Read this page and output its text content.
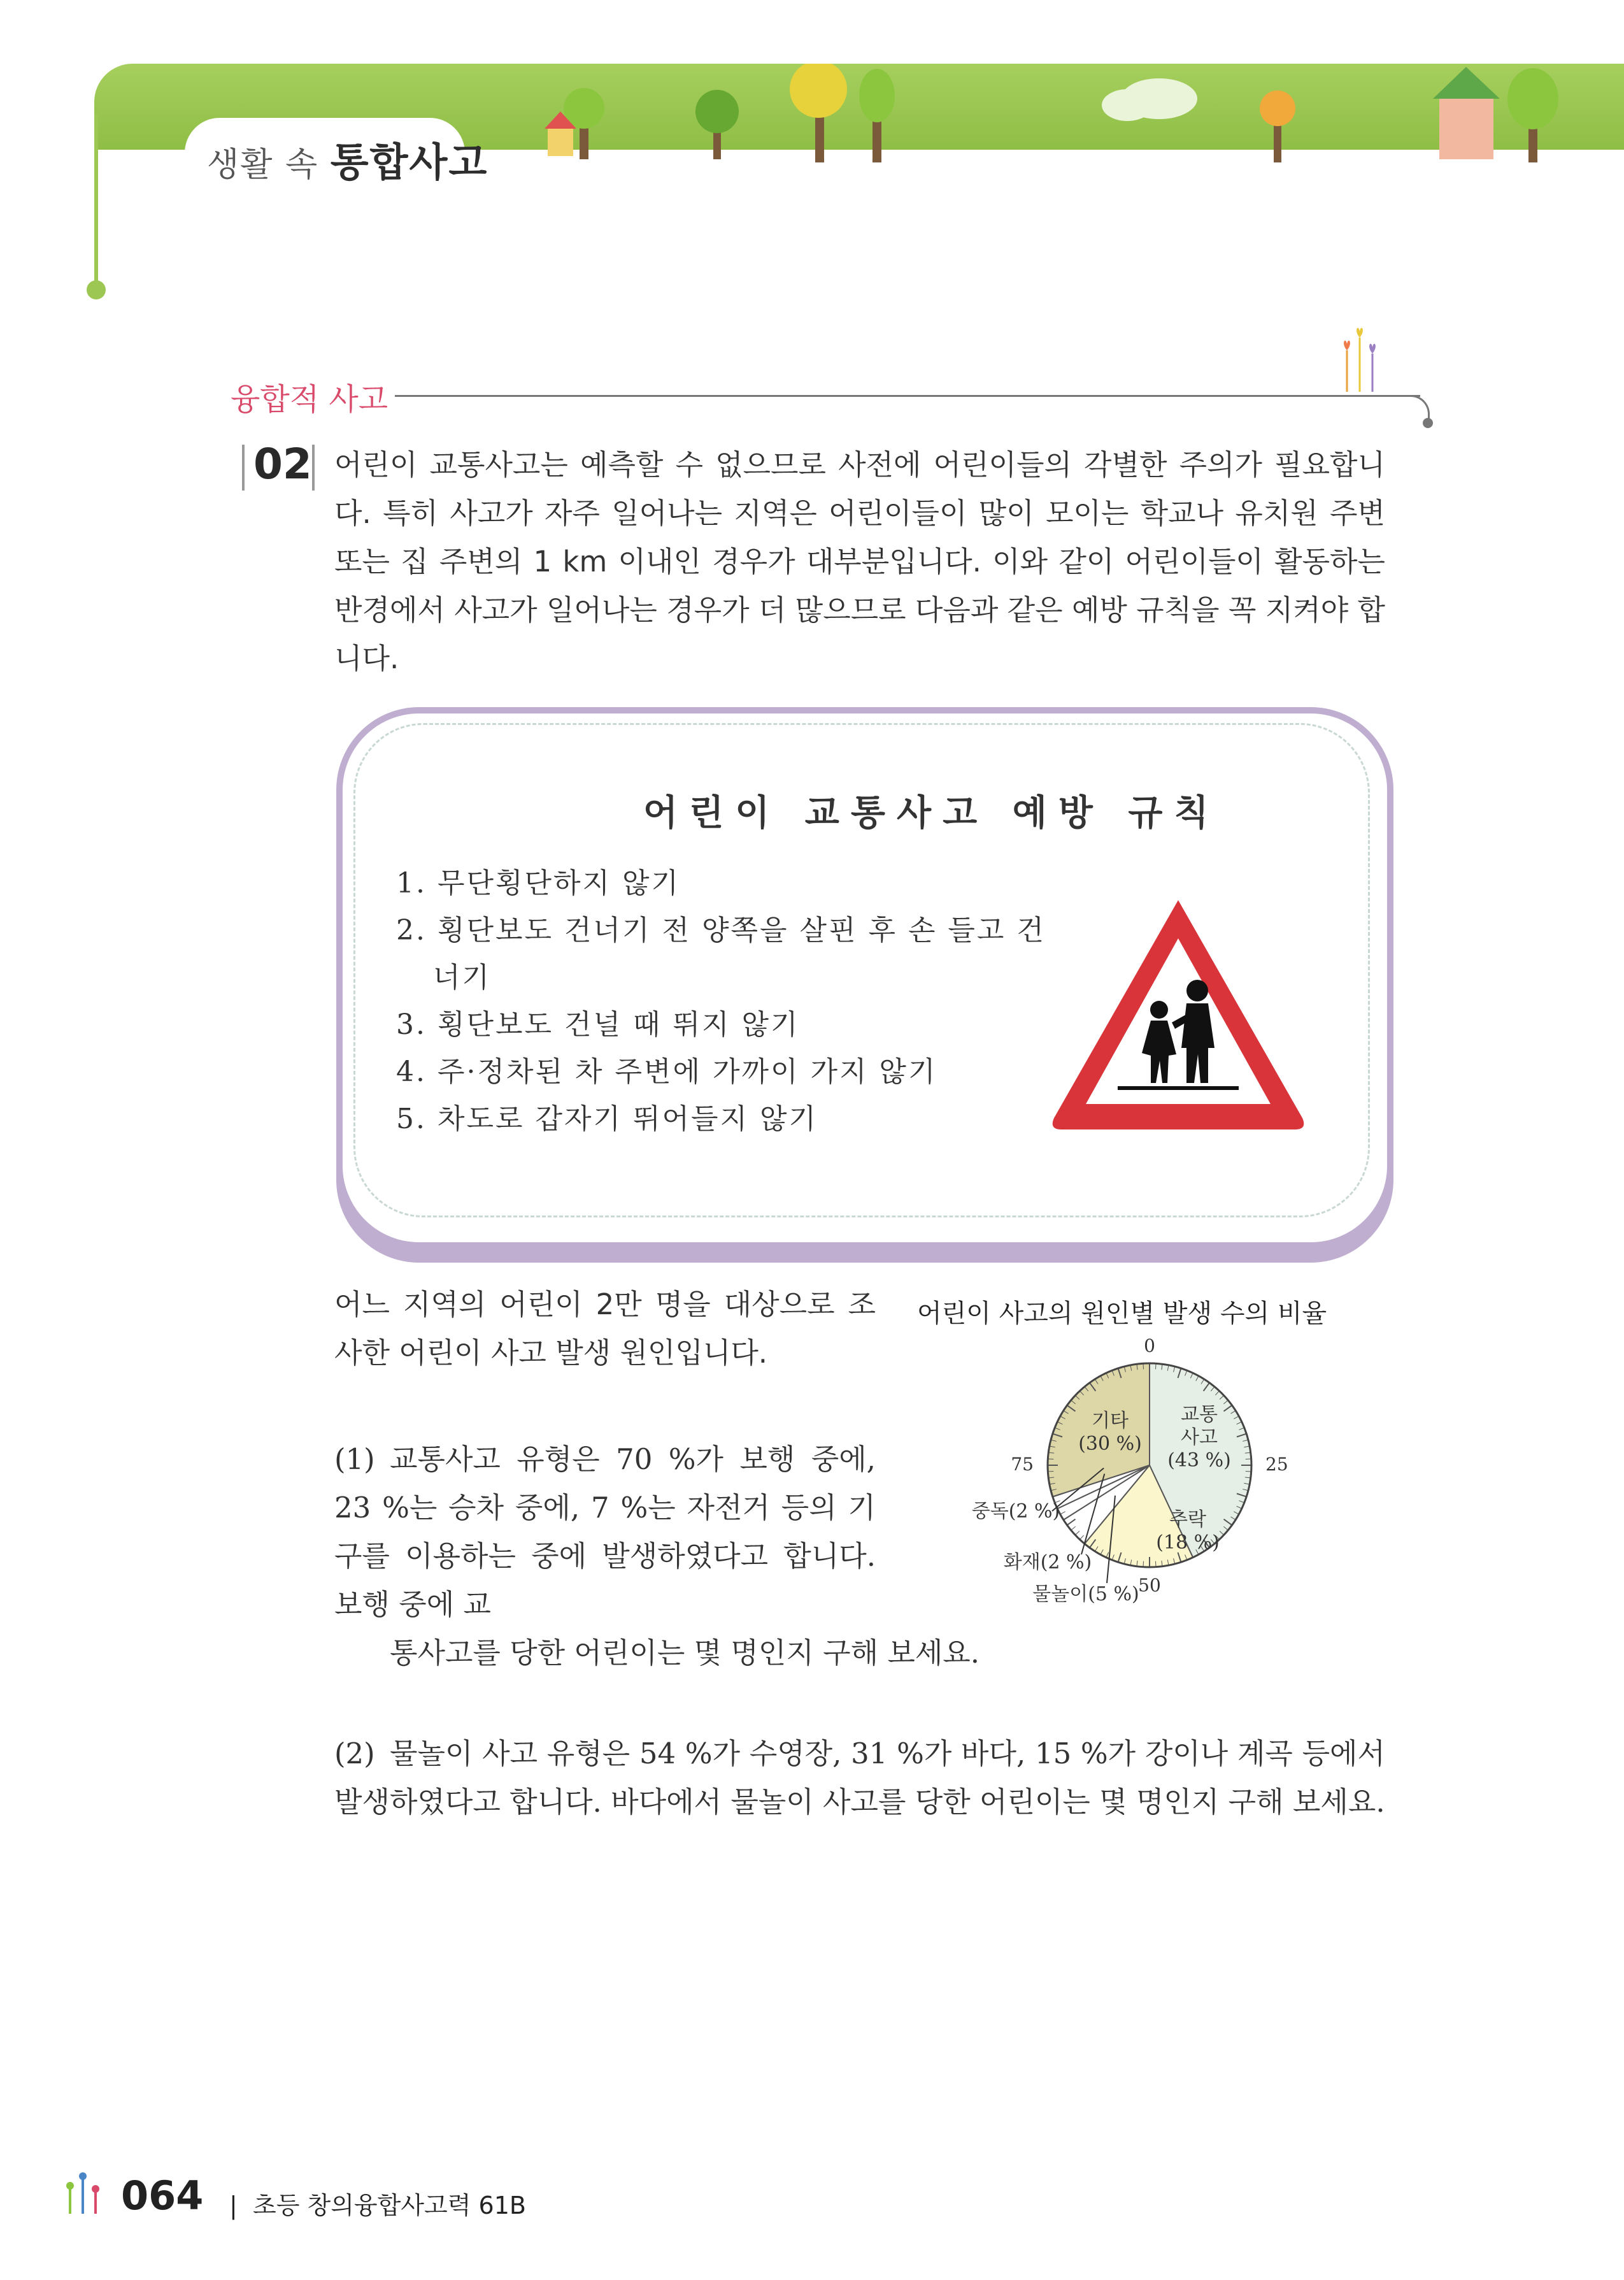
생활 속 통합사고
융합적 사고
02 어린이 교통사고는 예측할 수 없으므로 사전에 어린이들의 각별한 주의가 필요합니다. 특히 사고가 자주 일어나는 지역은 어린이들이 많이 모이는 학교나 유치원 주변 또는 집 주변의 1 km 이내인 경우가 대부분입니다. 이와 같이 어린이들이 활동하는 반경에서 사고가 일어나는 경우가 더 많으므로 다음과 같은 예방 규칙을 꼭 지켜야 합니다.
어린이 교통사고 예방 규칙
1. 무단횡단하지 않기
2. 횡단보도 건너기 전 양쪽을 살핀 후 손 들고 건너기
3. 횡단보도 건널 때 뛰지 않기
4. 주·정차된 차 주변에 가까이 가지 않기
5. 차도로 갑자기 뛰어들지 않기
어느 지역의 어린이 2만 명을 대상으로 조사한 어린이 사고 발생 원인입니다.
어린이 사고의 원인별 발생 수의 비율
0
25
50
75
교통
사고
(43 %)
추락
(18 %)
기타
(30 %)
중독(2 %)
화재(2 %)
물놀이(5 %)
(1) 교통사고 유형은 70 %가 보행 중에, 23 %는 승차 중에, 7 %는 자전거 등의 기구를 이용하는 중에 발생하였다고 합니다. 보행 중에 교
통사고를 당한 어린이는 몇 명인지 구해 보세요.
(2) 물놀이 사고 유형은 54 %가 수영장, 31 %가 바다, 15 %가 강이나 계곡 등에서 발생하였다고 합니다. 바다에서 물놀이 사고를 당한 어린이는 몇 명인지 구해 보세요.
064 | 초등 창의융합사고력 61B
